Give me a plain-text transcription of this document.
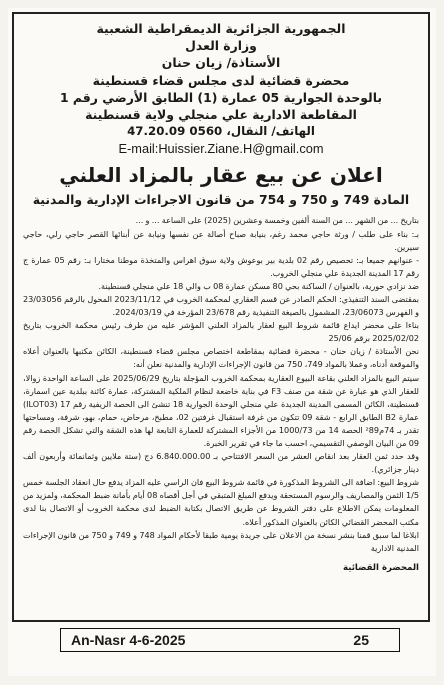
الجمهورية الجزائرية الديمقراطية الشعبية
وزارة العدل
الأستاذة/ زيان حنان
محضرة قضائية لدى مجلس قضاء قسنطينة
بالوحدة الجوارية 05 عمارة (1) الطابق الأرضي رقم 1
المقاطعة الادارية علي منجلي ولاية قسنطينة
الهاتف/ النقال، 0560 47.20.09
E-mail:Huissier.Ziane.H@gmail.com
اعلان عن بيع عقار بالمزاد العلني
المادة 749 و 750 و 754 من قانون الاجراءات الإدارية والمدنية

بتاريخ ... من الشهر ... من السنة ألفين وخمسة وعشرين (2025) على الساعة ... و ...

بـ: بناء على طلب / ورثة حاجي محمد رغم، بنيابة صباح أصالة عن نفسها ونيابة عن أبنائها القصر حاجي رلي، حاجي سيرين.

- عنوانهم جميعا بـ: تحصيص رقم 02 بلدية بير بوعوش ولاية سوق اهراس والمتخذة موطنا مختارا بـ: رقم 05 عمارة ج رقم 17 المدينة الجديدة علي منجلي الخروب.

ضد نزادي حورية، بالعنوان / الساكنة بحي 80 مسكن عمارة 08 ب والي 18 علي منجلي قسنطينة.

بمقتضى السند التنفيذي: الحكم الصادر عن قسم العقاري لمحكمة الخروب في 2023/11/12 المحول بالرقم 23/03056 و الفهرس 23/06073، المشمول بالصيغة التنفيذية رقم 23/678 المؤرخة في 2024/03/19.

بناءا على محضر ايداع قائمة شروط البيع لعقار بالمزاد العلني المؤشر عليه من طرف رئيس محكمة الخروب بتاريخ 2025/02/02 برقم 25/06

نحن الأستاذة / زيان حنان - محضرة قضائية بمقاطعة اختصاص مجلس قضاء قسنطينة، الكائن مكتبها بالعنوان أعلاه والموقعة أدناه، وعملا بالمواد 749، 750 من قانون الإجراءات الإدارية والمدنية نعلن أنه:

سيتم البيع بالمزاد العلني بقاعة البيوع العقارية بمحكمة الخروب المؤجلة بتاريخ 2025/06/29 على الساعة الواحدة زوالا، للعقار الذي هو عبارة عن شقة من صنف F3 في بناية خاضعة لنظام الملكية المشتركة، عمارة كائنة ببلدية عين اسمارة، قسنطينة، الكائن المسمى المدينة الجديدة علي منجلي الوحدة الجوارية 18 تنشئ الى الحصة الريفية رقم 17 (ILOT03) عمارة B2 الطابق الرابع - شقة 09 تتكون من غرفة استقبال غرفتين 02، مطبخ، مرحاض، حمام، بهو، شرفة، ومساحتها تقدر بـ 74م²89 الحصة 14 من 1000/73 من الأجزاء المشتركة للعمارة التابعة لها هذه الشقة والتي تشكل الحصة رقم 09 من البيان الوصفي التقسيمي، احسب ما جاء في تقرير الخبرة.

وقد حدد ثمن العقار بعد انقاص العشر من السعر الافتتاحي بـ 6.840.000.00 دج (ستة ملايين وثمانمائة وأربعون ألف دينار جزائري).

شروط البيع: اضافة الى الشروط المذكورة في قائمة شروط البيع فان الراسي عليه المزاد يدفع حال انعقاد الجلسة خمس 1/5 الثمن والمصاريف والرسوم المستحقة ويدفع المبلغ المتبقي في أجل أقصاه 08 أيام بأمانة ضبط المحكمة، ولمزيد من المعلومات يمكن الاطلاع على دفتر الشروط عن طريق الاتصال بكتابة الضبط لدى محكمة الخروب أو الاتصال بنا لدى مكتب المحضر القضائي الكائن بالعنوان المذكور أعلاه.

ابلاغا لما سبق قمنا بنشر نسخة من الاعلان على جريدة يومية طبقا لأحكام المواد 748 و 749 و 750 من قانون الإجراءات المدنية الادارية

المحضرة القضائية
An-Nasr 4-6-2025	25
